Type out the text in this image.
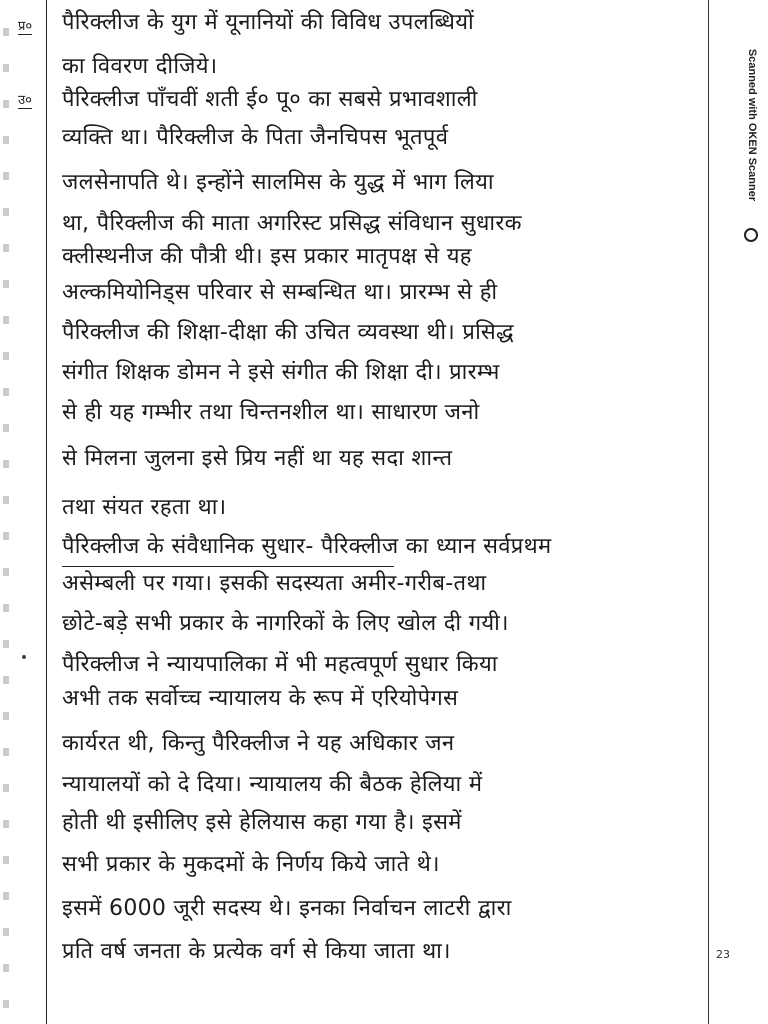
प्र०
उ०
पैरिक्लीज के युग में यूनानियों की विविध उपलब्धियों
का विवरण दीजिये।
पैरिक्लीज पाँचवीं शती ई० पू० का सबसे प्रभावशाली
व्यक्ति था। पैरिक्लीज के पिता जैनचिपस भूतपूर्व
जलसेनापति थे। इन्होंने सालमिस के युद्ध में भाग लिया
था, पैरिक्लीज की माता अगरिस्ट प्रसिद्ध संविधान सुधारक
क्लीस्थनीज की पौत्री थी। इस प्रकार मातृपक्ष से यह
अल्कमियोनिड्स परिवार से सम्बन्धित था। प्रारम्भ से ही
पैरिक्लीज की शिक्षा-दीक्षा की उचित व्यवस्था थी। प्रसिद्ध
संगीत शिक्षक डोमन ने इसे संगीत की शिक्षा दी। प्रारम्भ
से ही यह गम्भीर तथा चिन्तनशील था। साधारण जनो
से मिलना जुलना इसे प्रिय नहीं था यह सदा शान्त
तथा संयत रहता था।
पैरिक्लीज के संवैधानिक सुधार- पैरिक्लीज का ध्यान सर्वप्रथम
असेम्बली पर गया। इसकी सदस्यता अमीर-गरीब-तथा
छोटे-बड़े सभी प्रकार के नागरिकों के लिए खोल दी गयी।
पैरिक्लीज ने न्यायपालिका में भी महत्वपूर्ण सुधार किया
अभी तक सर्वोच्च न्यायालय के रूप में एरियोपेगस
कार्यरत थी, किन्तु पैरिक्लीज ने यह अधिकार जन
न्यायालयों को दे दिया। न्यायालय की बैठक हेलिया में
होती थी इसीलिए इसे हेलियास कहा गया है। इसमें
सभी प्रकार के मुकदमों के निर्णय किये जाते थे।
इसमें 6000 जूरी सदस्य थे। इनका निर्वाचन लाटरी द्वारा
प्रति वर्ष जनता के प्रत्येक वर्ग से किया जाता था।	23
Scanned with OKEN Scanner
